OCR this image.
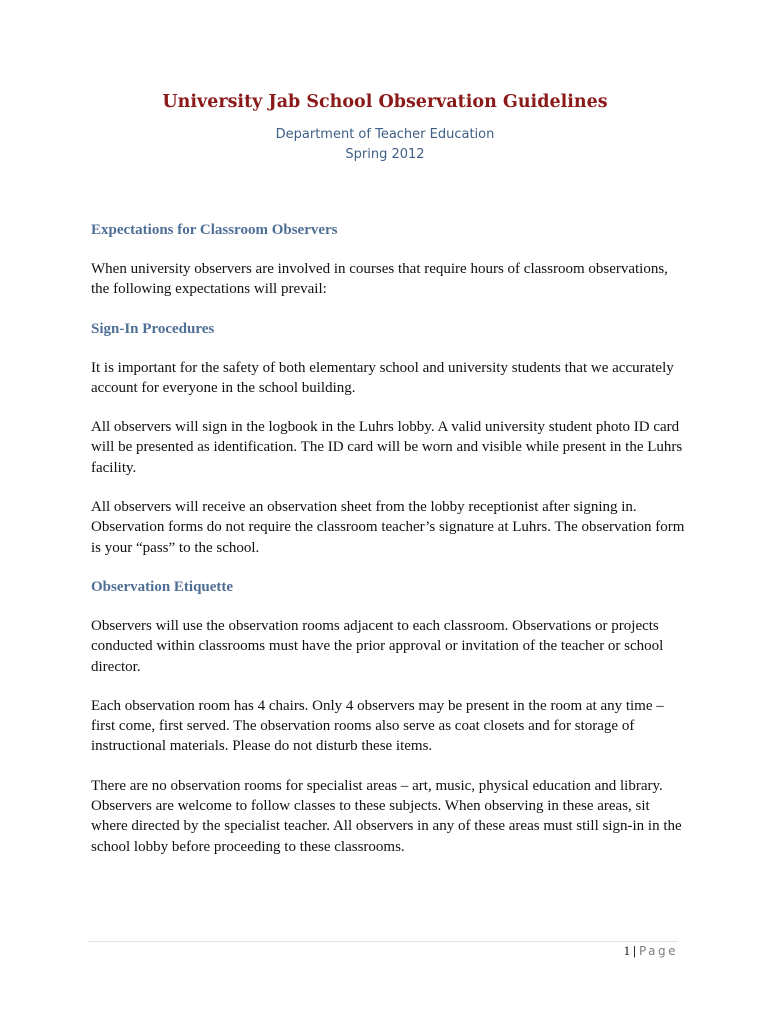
University Jab School Observation Guidelines
Department of Teacher Education
Spring 2012
Expectations for Classroom Observers

When university observers are involved in courses that require hours of classroom observations, the following expectations will prevail:

Sign-In Procedures

It is important for the safety of both elementary school and university students that we accurately account for everyone in the school building.

All observers will sign in the logbook in the Luhrs lobby. A valid university student photo ID card will be presented as identification. The ID card will be worn and visible while present in the Luhrs facility.

All observers will receive an observation sheet from the lobby receptionist after signing in. Observation forms do not require the classroom teacher’s signature at Luhrs. The observation form is your “pass” to the school.

Observation Etiquette

Observers will use the observation rooms adjacent to each classroom. Observations or projects conducted within classrooms must have the prior approval or invitation of the teacher or school director.

Each observation room has 4 chairs. Only 4 observers may be present in the room at any time – first come, first served. The observation rooms also serve as coat closets and for storage of instructional materials. Please do not disturb these items.

There are no observation rooms for specialist areas – art, music, physical education and library. Observers are welcome to follow classes to these subjects. When observing in these areas, sit where directed by the specialist teacher. All observers in any of these areas must still sign-in in the school lobby before proceeding to these classrooms.

1 | Page
